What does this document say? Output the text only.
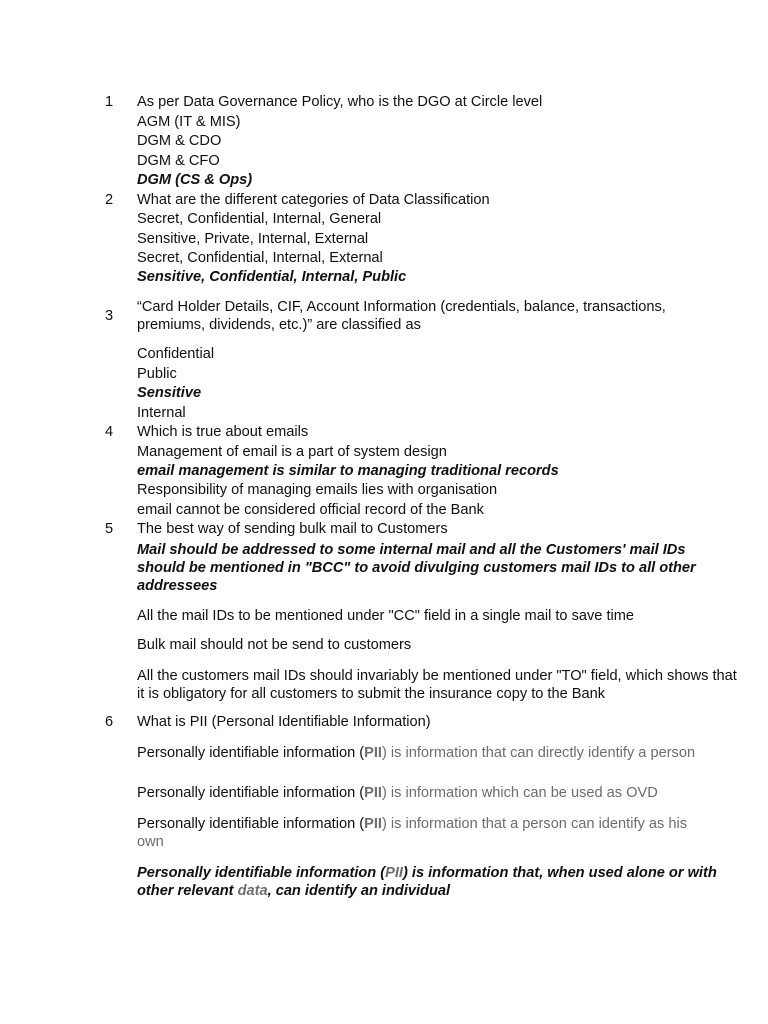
1 As per Data Governance Policy, who is the DGO at Circle level
AGM (IT & MIS)
DGM & CDO
DGM & CFO
DGM (CS & Ops)
2 What are the different categories of Data Classification
Secret, Confidential, Internal, General
Sensitive, Private, Internal, External
Secret, Confidential, Internal, External
Sensitive, Confidential, Internal, Public
3
“Card Holder Details, CIF, Account Information (credentials, balance, transactions,
premiums, dividends, etc.)” are classified as
Confidential
Public
Sensitive
Internal
4 Which is true about emails
Management of email is a part of system design
email management is similar to managing traditional records
Responsibility of managing emails lies with organisation
email cannot be considered official record of the Bank
5 The best way of sending bulk mail to Customers
Mail should be addressed to some internal mail and all the Customers' mail IDs should be mentioned in "BCC" to avoid divulging customers mail IDs to all other addressees
All the mail IDs to be mentioned under "CC" field in a single mail to save time
Bulk mail should not be send to customers
All the customers mail IDs should invariably be mentioned under "TO" field, which shows that it is obligatory for all customers to submit the insurance copy to the Bank
6 What is PII (Personal Identifiable Information)
Personally identifiable information (PII) is information that can directly identify a person
Personally identifiable information (PII) is information which can be used as OVD
Personally identifiable information (PII) is information that a person can identify as his own
Personally identifiable information (PII) is information that, when used alone or with other relevant data, can identify an individual
